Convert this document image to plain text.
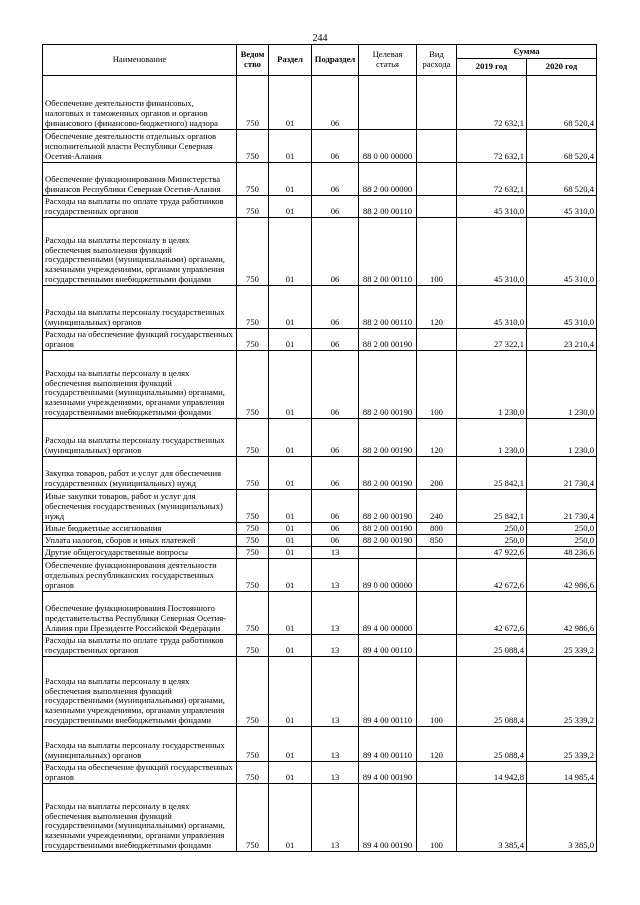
244
Наименование	Ведом ство	Раздел	Подраздел	Целевая статья	Вид расхода	Сумма	
						2019 год	2020 год
Обеспечение деятельности финансовых, налоговых и таможенных органов и органов финансового (финансово-бюджетного) надзора	750	01	06			72 632,1	68 520,4
Обеспечение деятельности отдельных органов исполнительной власти Республики Северная Осетия-Алания	750	01	06	88 0 00 00000		72 632,1	68 520,4
Обеспечение функционирования Министерства финансов Республики Северная Осетия-Алания	750	01	06	88 2 00 00000		72 632,1	68 520,4
Расходы на выплаты по оплате труда работников государственных органов	750	01	06	88 2 00 00110		45 310,0	45 310,0
Расходы на выплаты персоналу в целях обеспечения выполнения функций государственными (муниципальными) органами, казенными учреждениями, органами управления государственными внебюджетными фондами	750	01	06	88 2 00 00110	100	45 310,0	45 310,0
Расходы на выплаты персоналу государственных (муниципальных) органов	750	01	06	88 2 00 00110	120	45 310,0	45 310,0
Расходы на обеспечение функций государственных органов	750	01	06	88 2 00 00190		27 322,1	23 210,4
Расходы на выплаты персоналу в целях обеспечения выполнения функций государственными (муниципальными) органами, казенными учреждениями, органами управления государственными внебюджетными фондами	750	01	06	88 2 00 00190	100	1 230,0	1 230,0
Расходы на выплаты персоналу государственных (муниципальных) органов	750	01	06	88 2 00 00190	120	1 230,0	1 230,0
Закупка товаров, работ и услуг для обеспечения государственных (муниципальных) нужд	750	01	06	88 2 00 00190	200	25 842,1	21 730,4
Иные закупки товаров, работ и услуг для обеспечения государственных (муниципальных) нужд	750	01	06	88 2 00 00190	240	25 842,1	21 730,4
Иные бюджетные ассигнования	750	01	06	88 2 00 00190	800	250,0	250,0
Уплата налогов, сборов и иных платежей	750	01	06	88 2 00 00190	850	250,0	250,0
Другие общегосударственные вопросы	750	01	13			47 922,6	48 236,6
Обеспечение функционирования деятельности отдельных республиканских государственных органов	750	01	13	89 0 00 00000		42 672,6	42 986,6
Обеспечение функционирования Постоянного представительства Республики Северная Осетия-Алания при Президенте Российской Федерации	750	01	13	89 4 00 00000		42 672,6	42 986,6
Расходы на выплаты по оплате труда работников государственных органов	750	01	13	89 4 00 00110		25 088,4	25 339,2
Расходы на выплаты персоналу в целях обеспечения выполнения функций государственными (муниципальными) органами, казенными учреждениями, органами управления государственными внебюджетными фондами	750	01	13	89 4 00 00110	100	25 088,4	25 339,2
Расходы на выплаты персоналу государственных (муниципальных) органов	750	01	13	89 4 00 00110	120	25 088,4	25 339,2
Расходы на обеспечение функций государственных органов	750	01	13	89 4 00 00190		14 942,8	14 985,4
Расходы на выплаты персоналу в целях обеспечения выполнения функций государственными (муниципальными) органами, казенными учреждениями, органами управления государственными внебюджетными фондами	750	01	13	89 4 00 00190	100	3 385,4	3 385,0
